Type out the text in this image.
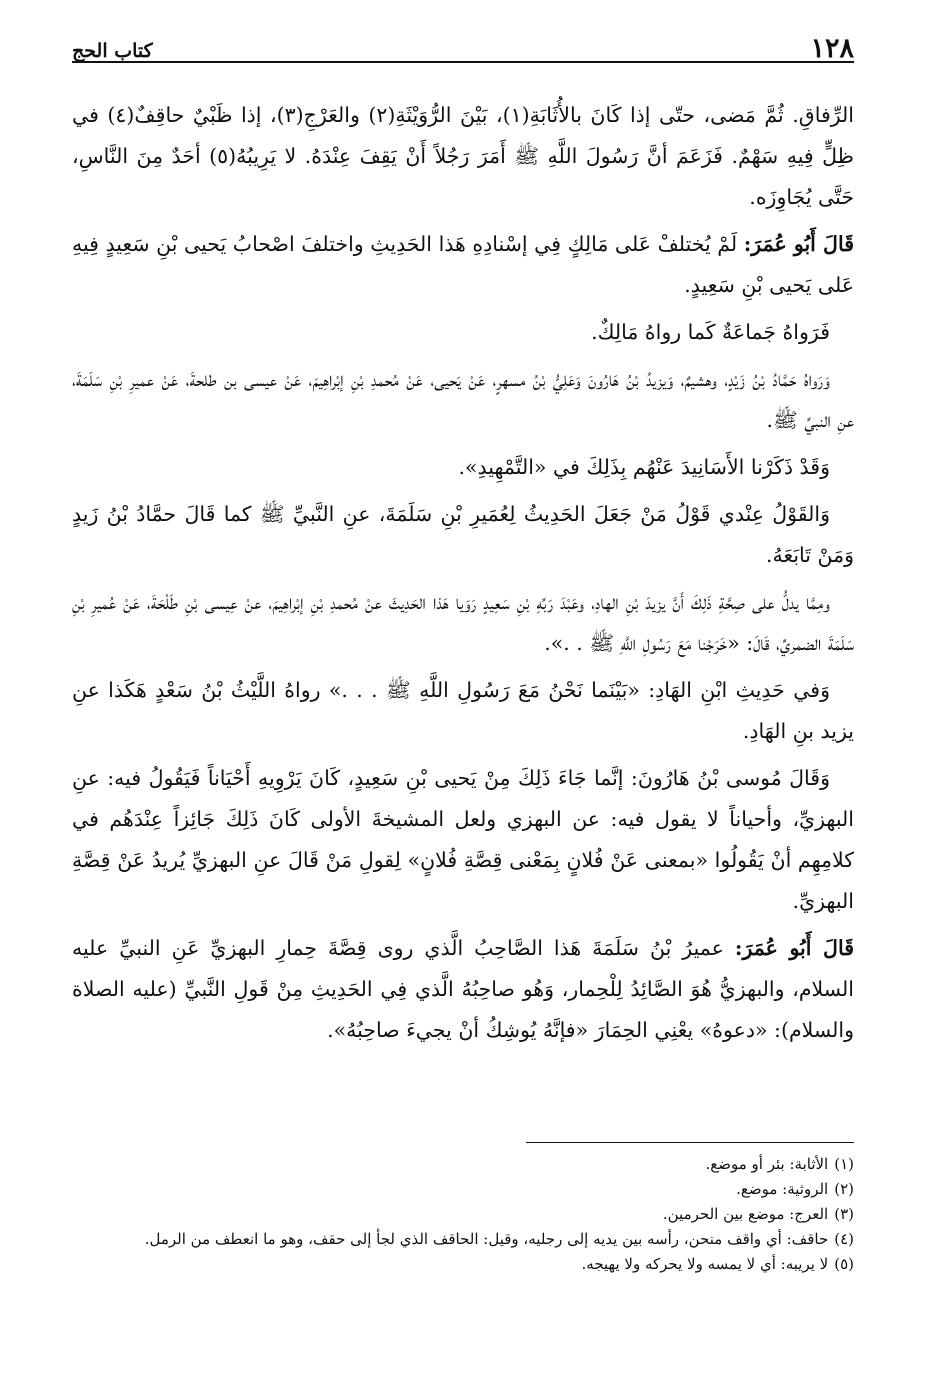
١٢٨
كتاب الحج

الرِّفاقِ. ثُمَّ مَضى، حتّى إذا كَانَ بالأُثَابَةِ(١)، بَيْنَ الرُّوَيْثَةِ(٢) والعَرْجِ(٣)، إذا ظَبْيٌ حاقِفٌ(٤) في ظِلٍّ فِيهِ سَهْمٌ. فَزَعَمَ أنَّ رَسُولَ اللَّهِ ﷺ أَمَرَ رَجُلاً أَنْ يَقِفَ عِنْدَهُ. لا يَرِيبُهُ(٥) أحَدٌ مِنَ النَّاسِ، حَتَّى يُجَاوِزَه.

قَالَ أَبُو عُمَرَ: لَمْ يُختلفْ عَلى مَالِكٍ فِي إسْنادِهِ هَذا الحَدِيثِ واختلفَ اصْحابُ يَحيى بْنِ سَعِيدٍ فِيهِ عَلى يَحيى بْنِ سَعِيدٍ.

فَرَواهُ جَماعَةٌ كَما رواهُ مَالِكٌ.

وَرَواهُ حَمَّادُ بْنُ زَيْدٍ، وهشيمٌ، وَيزيدُ بْنُ هَارُونَ وَعَلِيُّ بْنُ مسهرٍ، عَنْ يَحيى، عَنْ مُحمدِ بْنِ إبْراهِيمَ، عَنْ عيسى بن طلحةَ، عَنْ عميرِ بْنِ سَلَمَةَ، عنِ النبيِّ ﷺ.

وَقَدْ ذَكَرْنا الأَسَانِيدَ عَنْهُم بِذَلِكَ في «التَّمْهِيدِ».

وَالقَوْلُ عِنْدي قَوْلُ مَنْ جَعَلَ الحَدِيثُ لِعُمَيرِ بْنِ سَلَمَةَ، عنِ النَّبيِّ ﷺ كما قَالَ حمَّادُ بْنُ زَيدٍ وَمَنْ تَابَعَهُ.

ومِمَّا يدلُّ على صِحَّةِ ذَلِكَ أَنَّ يزيدَ بْنِ الهادِ، وعَبْدَ رَبِّهِ بْنِ سَعِيدٍ رَوَيا هَذا الحَدِيثَ عنْ مُحمدِ بْنِ إبْراهِيمَ، عنْ عِيسى بْنِ طَلْحَةَ، عَنْ عُميرِ بْنِ سَلَمَةَ الضمريِّ، قَالَ: «خَرَجْنا مَعَ رَسُولِ اللَّهِ ﷺ . .».

وَفي حَدِيثِ ابْنِ الهَادِ: «بَيْنَما نَحْنُ مَعَ رَسُولِ اللَّهِ ﷺ . . .» رواهُ اللَّيْثُ بْنُ سَعْدٍ هَكَذا عنِ يزيد بنِ الهَادِ.

وَقَالَ مُوسى بْنُ هَارُونَ: إنَّما جَاءَ ذَلِكَ مِنْ يَحيى بْنِ سَعِيدٍ، كَانَ يَرْوِيهِ أَحْيَاناً فَيَقُولُ فيه: عنِ البهزيِّ، وأحياناً لا يقول فيه: عن البهزي ولعل المشيخةَ الأولى كَانَ ذَلِكَ جَائِزاً عِنْدَهُم في كلامِهِم أنْ يَقُولُوا «بمعنى عَنْ فُلانٍ بِمَعْنى قِصَّةِ فُلانٍ» لِقولِ مَنْ قَالَ عنِ البهزيِّ يُريدُ عَنْ قِصَّةِ البهزيِّ.

قَالَ أَبُو عُمَرَ: عميرُ بْنُ سَلَمَةَ هَذا الصَّاحِبُ الَّذي روى قِصَّةَ حِمارِ البهزيِّ عَنِ النبيِّ عليه السلام، والبهزيُّ هُوَ الصَّائِدُ لِلْحِمار، وَهُو صاحِبُهُ الَّذي فِي الحَدِيثِ مِنْ قَولِ النَّبيِّ (عليه الصلاة والسلام): «دعوهُ» يعْنِي الحِمَارَ «فإنَّهُ يُوشِكُ أنْ يجيءَ صاحِبُهُ».

(١)الأثابة: بئر أو موضع.

(٢)الروثية: موضع.

(٣)العرج: موضع بين الحرمين.

(٤)حاقف: أي واقف منحن، رأسه بين يديه إلى رجليه، وقيل: الحاقف الذي لجأ إلى حقف، وهو ما انعطف من الرمل.

(٥)لا يريبه: أي لا يمسه ولا يحركه ولا يهيجه.
